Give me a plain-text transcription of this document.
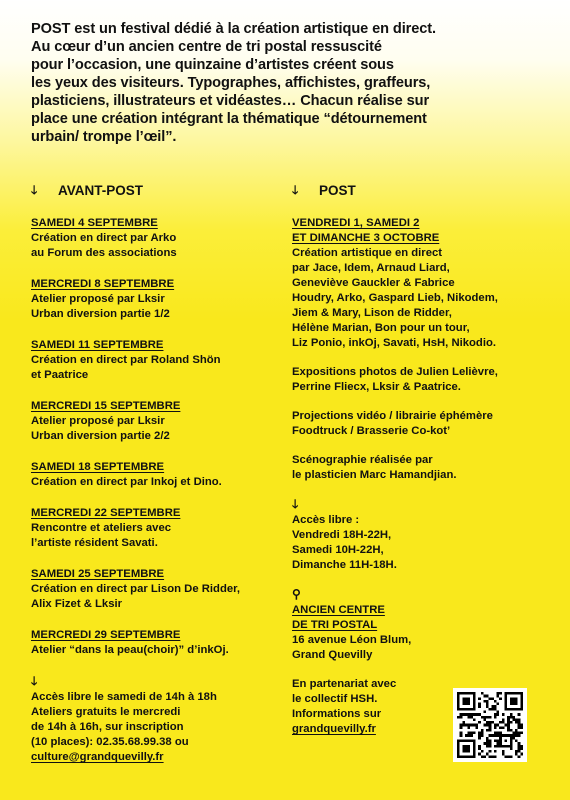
POST est un festival dédié à la création artistique en direct.
Au cœur d’un ancien centre de tri postal ressuscité
pour l’occasion, une quinzaine d’artistes créent sous
les yeux des visiteurs. Typographes, affichistes, graffeurs,
plasticiens, illustrateurs et vidéastes… Chacun réalise sur
place une création intégrant la thématique “détournement
urbain/ trompe l’œil”.
🡓 AVANT-POST
SAMEDI 4 SEPTEMBRE
Création en direct par Arko
au Forum des associations
MERCREDI 8 SEPTEMBRE
Atelier proposé par Lksir
Urban diversion partie 1/2
SAMEDI 11 SEPTEMBRE
Création en direct par Roland Shön
et Paatrice
MERCREDI 15 SEPTEMBRE
Atelier proposé par Lksir
Urban diversion partie 2/2
SAMEDI 18 SEPTEMBRE
Création en direct par Inkoj et Dino.
MERCREDI 22 SEPTEMBRE
Rencontre et ateliers avec
l’artiste résident Savati.
SAMEDI 25 SEPTEMBRE
Création en direct par Lison De Ridder,
Alix Fizet & Lksir
MERCREDI 29 SEPTEMBRE
Atelier “dans la peau(choir)” d’inkOj.
🡓
Accès libre le samedi de 14h à 18h
Ateliers gratuits le mercredi
de 14h à 16h, sur inscription
(10 places): 02.35.68.99.38 ou
culture@grandquevilly.fr
🡓 POST
VENDREDI 1, SAMEDI 2
ET DIMANCHE 3 OCTOBRE
Création artistique en direct
par Jace, Idem, Arnaud Liard,
Geneviève Gauckler & Fabrice
Houdry, Arko, Gaspard Lieb, Nikodem,
Jiem & Mary, Lison de Ridder,
Hélène Marian, Bon pour un tour,
Liz Ponio, inkOj, Savati, HsH, Nikodio.
Expositions photos de Julien Lelièvre,
Perrine Fliecx, Lksir & Paatrice.
Projections vidéo / librairie éphémère
Foodtruck / Brasserie Co-kot’
Scénographie réalisée par
le plasticien Marc Hamandjian.
🡓
Accès libre :
Vendredi 18H-22H,
Samedi 10H-22H,
Dimanche 11H-18H.
⚲
ANCIEN CENTRE
DE TRI POSTAL
16 avenue Léon Blum,
Grand Quevilly
En partenariat avec
le collectif HSH.
Informations sur
grandquevilly.fr
